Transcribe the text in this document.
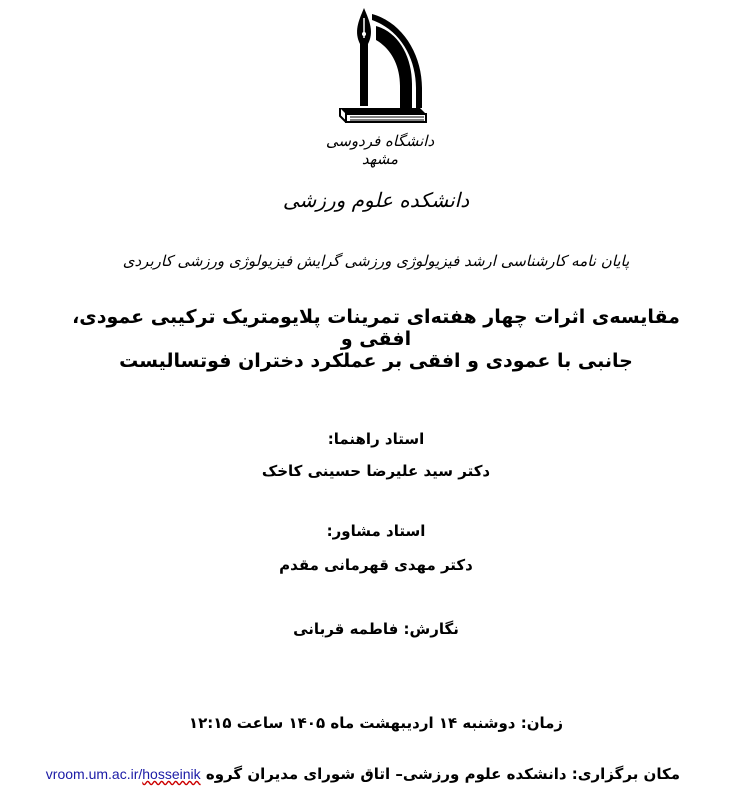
دانشگاه فردوسی مشهد
دانشکده علوم ورزشی
پایان نامه کارشناسی ارشد فیزیولوژی ورزشی گرایش فیزیولوژی ورزشی کاربردی
مقایسه‌ی اثرات چهار هفته‌ای تمرینات پلایومتریک ترکیبی عمودی، افقی و
جانبی با عمودی و افقی بر عملکرد دختران فوتسالیست
استاد راهنما:
دکتر سید علیرضا حسینی کاخک
استاد مشاور:
دکتر مهدی قهرمانی مقدم
نگارش: فاطمه قربانی
زمان: دوشنبه ۱۴ اردیبهشت ماه ۱۴۰۵ ساعت ۱۲:۱۵
مکان برگزاری: دانشکده علوم ورزشی– اتاق شورای مدیران گروه vroom.um.ac.ir/hosseinik
